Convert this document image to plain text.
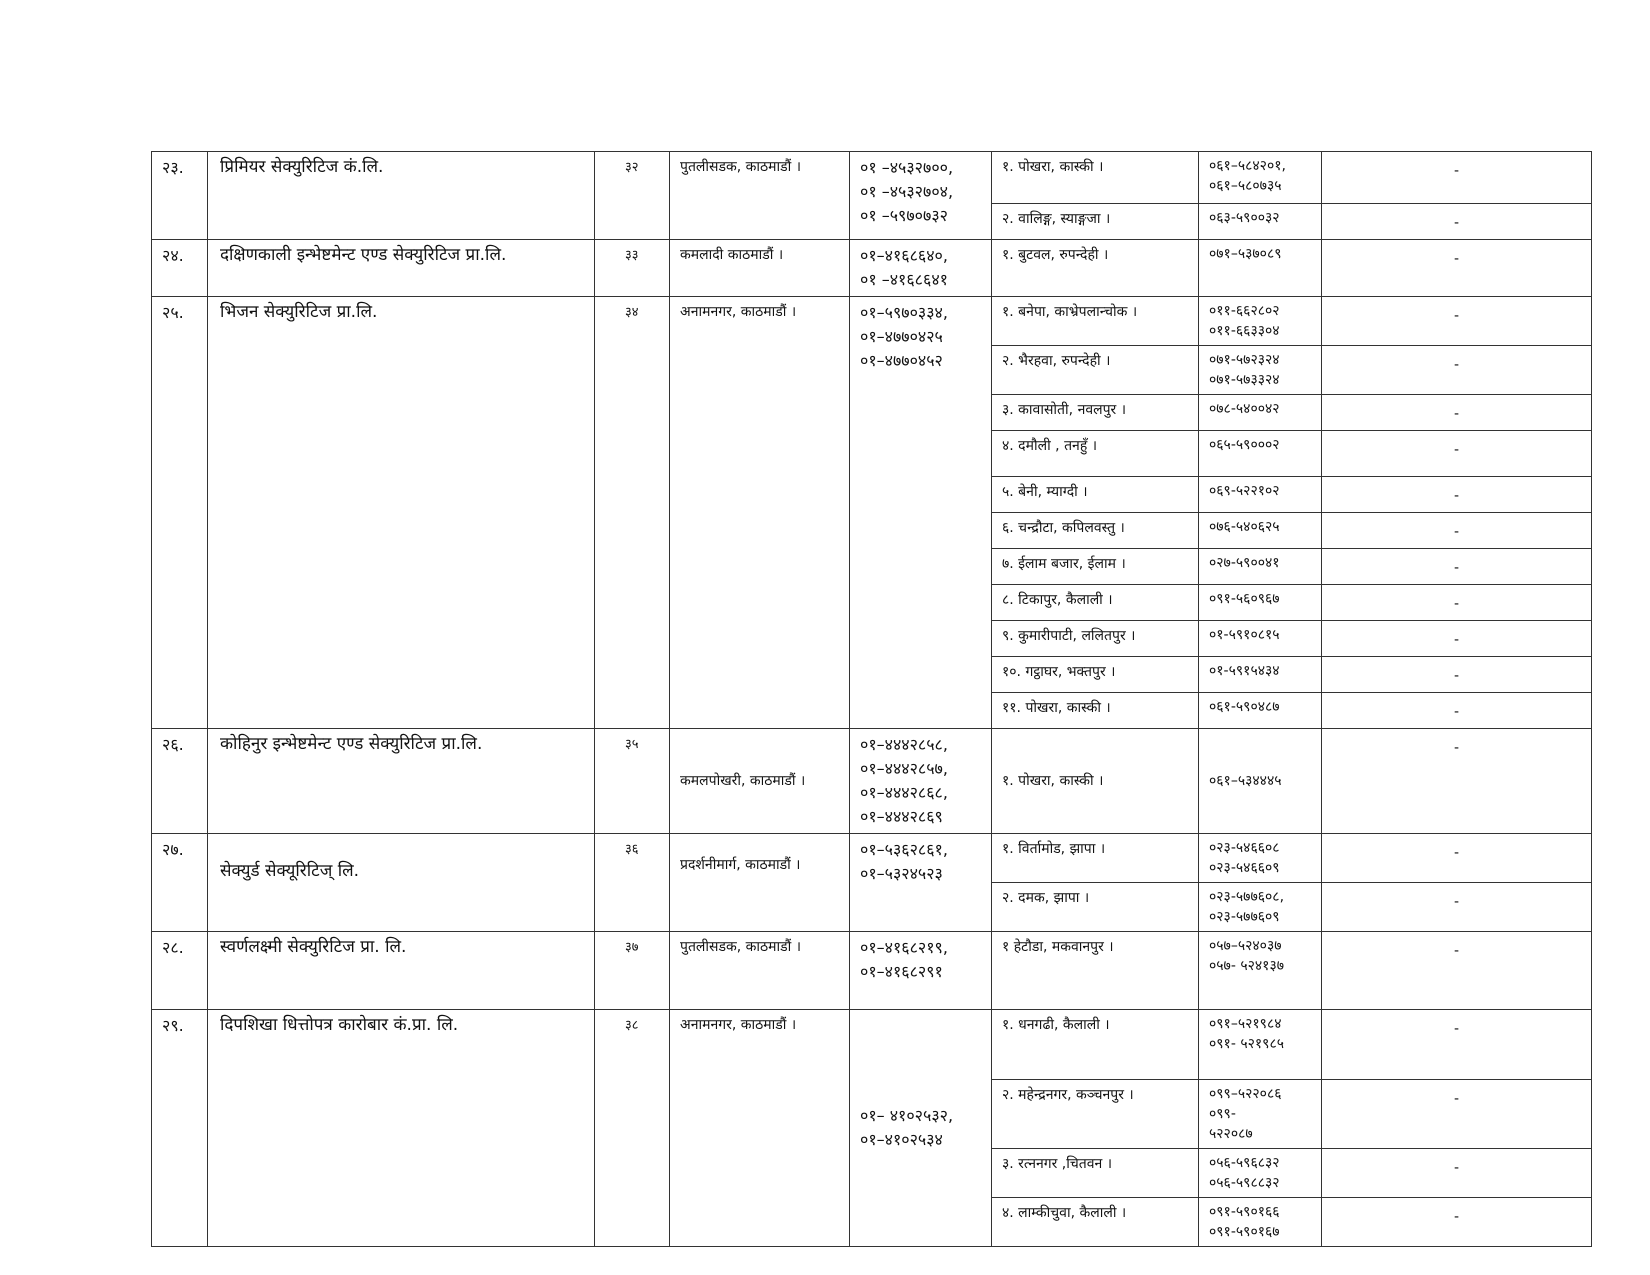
२३.	प्रिमियर सेक्युरिटिज कं.लि.	३२	पुतलीसडक, काठमाडौं ।	०१ –४५३२७००,
०१ –४५३२७०४,
०१ –५९७०७३२	१. पोखरा, कास्की ।	०६१–५८४२०१,
०६१–५८०७३५	-
					२. वालिङ्ग, स्याङ्गजा ।	०६३-५९००३२	-
२४.	दक्षिणकाली इन्भेष्टमेन्ट एण्ड सेक्युरिटिज प्रा.लि.	३३	कमलादी काठमाडौं ।	०१–४१६८६४०,
०१ –४१६८६४१	१. बुटवल, रुपन्देही ।	०७१–५३७०८९	-
२५.	भिजन सेक्युरिटिज प्रा.लि.	३४	अनामनगर, काठमाडौं ।	०१–५९७०३३४,
०१–४७७०४२५
०१–४७७०४५२	१. बनेपा, काभ्रेपलान्चोक ।	०११-६६२८०२
०११-६६३३०४	-
					२. भैरहवा, रुपन्देही ।	०७१-५७२३२४
०७१-५७३३२४	-
					३. कावासोती, नवलपुर ।	०७८-५४००४२	-
					४. दमौली , तनहुँ ।	०६५-५९०००२	-
					५. बेनी, म्याग्दी ।	०६९-५२२१०२	-
					६. चन्द्रौटा, कपिलवस्तु ।	०७६-५४०६२५	-
					७. ईलाम बजार, ईलाम ।	०२७-५९००४१	-
					८. टिकापुर, कैलाली ।	०९१-५६०९६७	-
					९. कुमारीपाटी, ललितपुर ।	०१-५९१०८१५	-
					१०. गट्ठाघर, भक्तपुर ।	०१-५९१५४३४	-
					११. पोखरा, कास्की ।	०६१-५९०४८७	-
२६.	कोहिनुर इन्भेष्टमेन्ट एण्ड सेक्युरिटिज प्रा.लि.	३५	कमलपोखरी, काठमाडौं ।	०१–४४४२८५८,
०१–४४४२८५७,
०१–४४४२८६८,
०१–४४४२८६९	१. पोखरा, कास्की ।	०६१–५३४४४५	-
२७.	सेक्युर्ड सेक्यूरिटिज् लि.	३६	प्रदर्शनीमार्ग, काठमाडौं ।	०१–५३६२८६१,
०१–५३२४५२३	१. विर्तामोड, झापा ।	०२३-५४६६०८
०२३-५४६६०९	-
					२. दमक, झापा ।	०२३-५७७६०८,
०२३-५७७६०९	-
२८.	स्वर्णलक्ष्मी सेक्युरिटिज प्रा. लि.	३७	पुतलीसडक, काठमाडौं ।	०१–४१६८२१९,
०१–४१६८२९१	१ हेटौडा, मकवानपुर ।	०५७–५२४०३७
०५७- ५२४१३७	-
२९.	दिपशिखा धित्तोपत्र कारोबार कं.प्रा. लि.	३८	अनामनगर, काठमाडौं ।	०१– ४१०२५३२,
०१–४१०२५३४	१. धनगढी, कैलाली ।	०९१–५२१९८४
०९१- ५२१९८५	-
					२. महेन्द्रनगर, कञ्चनपुर ।	०९९–५२२०८६
०९९-
५२२०८७	-
					३. रत्ननगर ,चितवन ।	०५६-५९६८३२
०५६-५९८८३२	-
					४. लाम्कीचुवा, कैलाली ।	०९१-५९०१६६
०९१-५९०१६७	-
